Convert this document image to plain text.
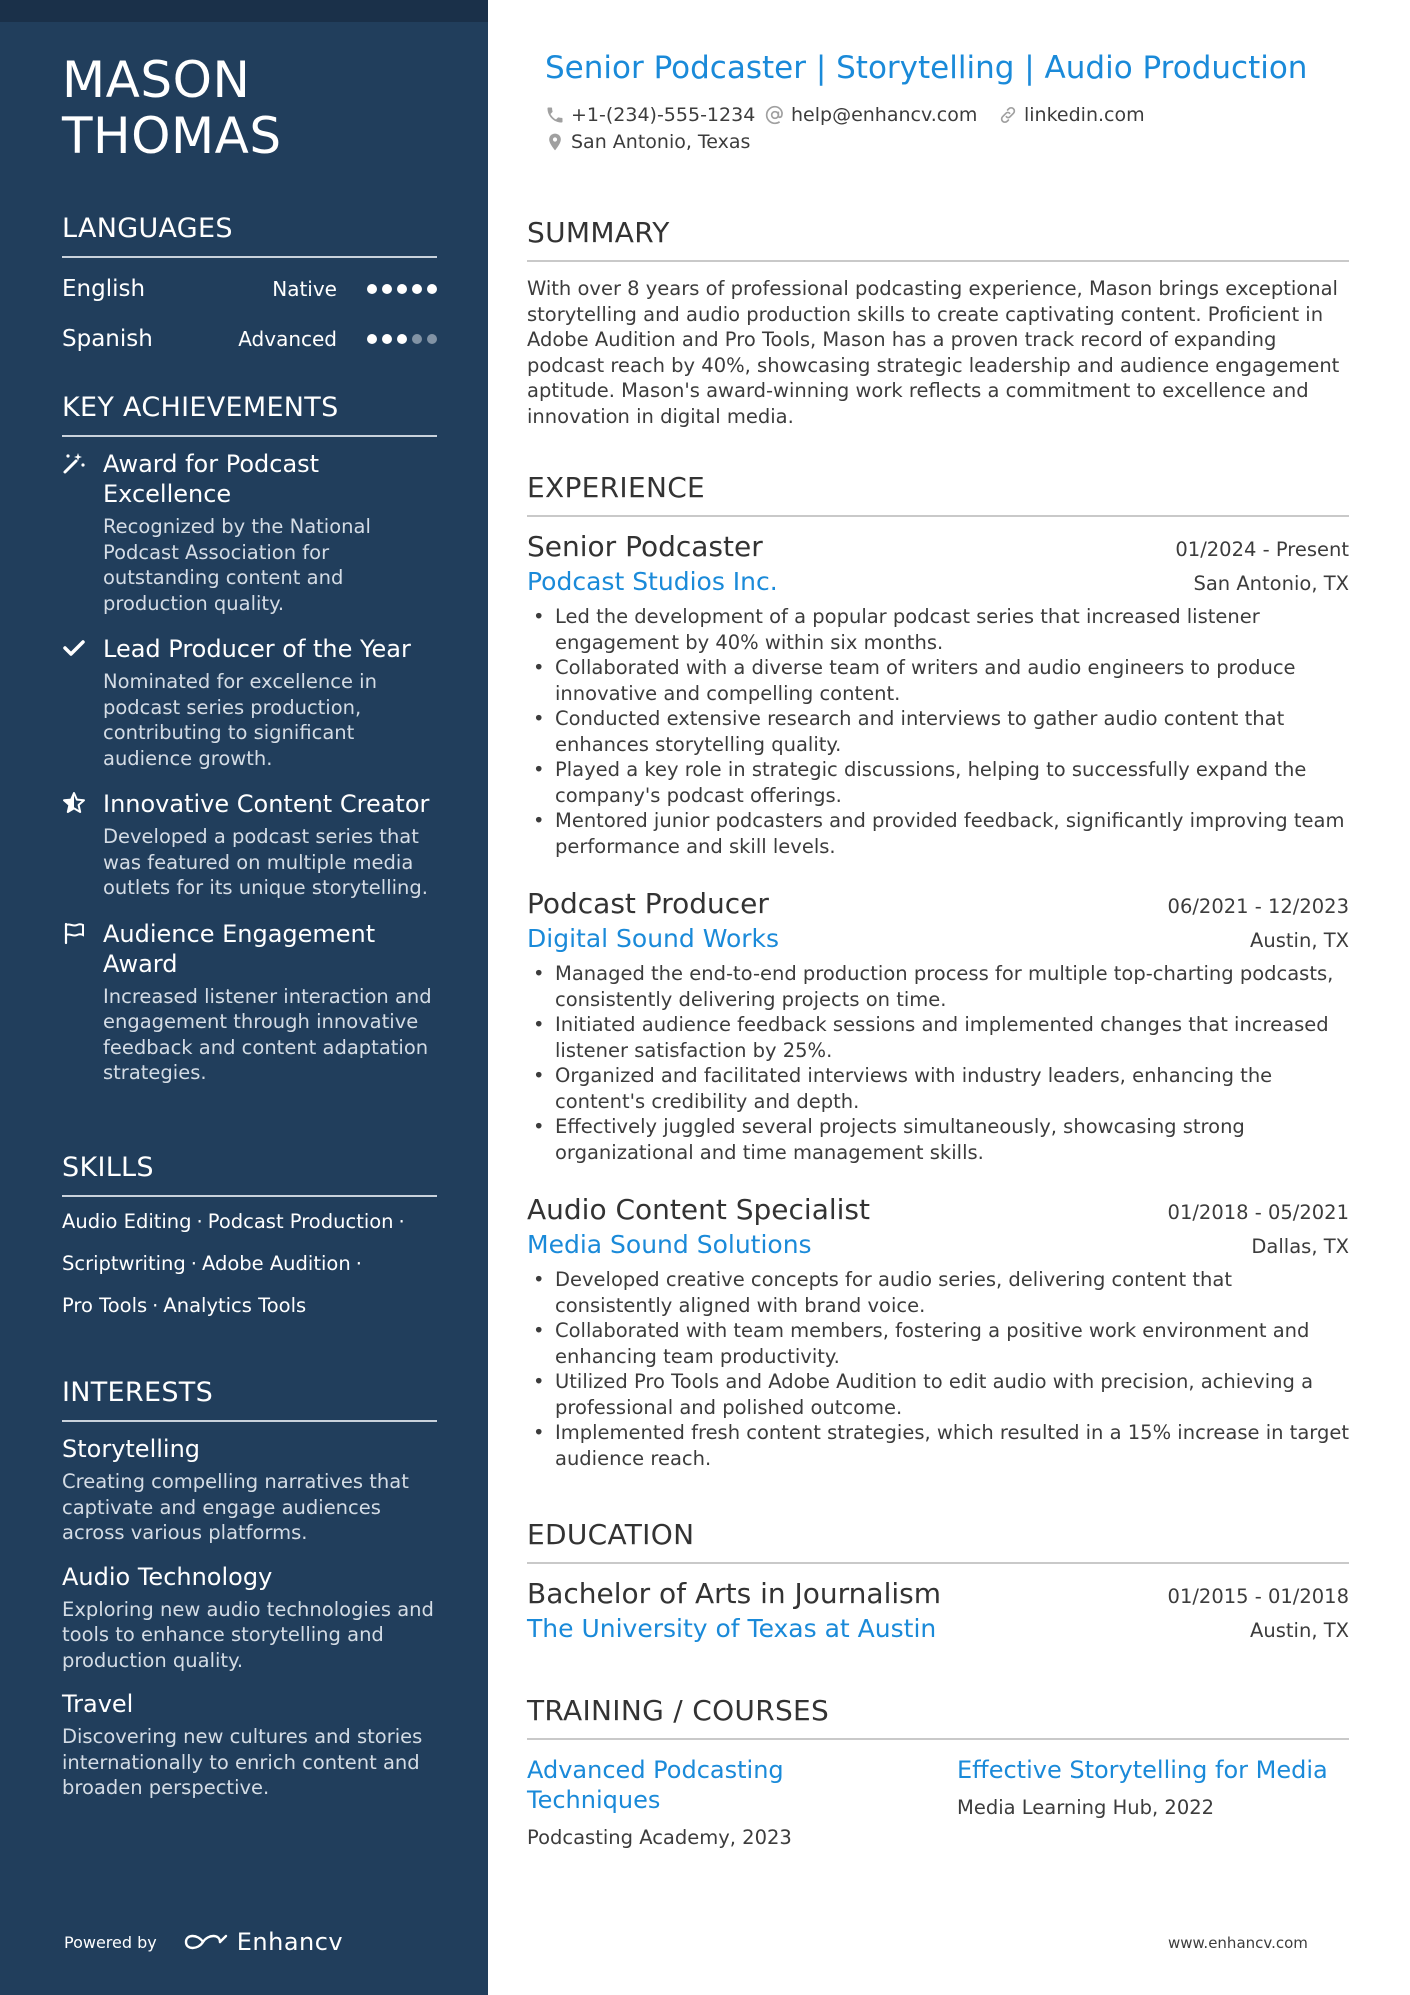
MASON
THOMAS
LANGUAGES
English	Native
Spanish	Advanced
KEY ACHIEVEMENTS
Award for Podcast Excellence
Recognized by the National Podcast Association for outstanding content and production quality.
Lead Producer of the Year
Nominated for excellence in podcast series production, contributing to significant audience growth.
Innovative Content Creator
Developed a podcast series that was featured on multiple media outlets for its unique storytelling.
Audience Engagement Award
Increased listener interaction and engagement through innovative feedback and content adaptation strategies.
SKILLS
Audio Editing · Podcast Production ·
Scriptwriting · Adobe Audition ·
Pro Tools · Analytics Tools
INTERESTS
Storytelling
Creating compelling narratives that captivate and engage audiences across various platforms.
Audio Technology
Exploring new audio technologies and tools to enhance storytelling and production quality.
Travel
Discovering new cultures and stories internationally to enrich content and broaden perspective.
Powered by	Enhancv
Senior Podcaster | Storytelling | Audio Production
+1-(234)-555-1234 help@enhancv.com linkedin.com
San Antonio, Texas
SUMMARY
With over 8 years of professional podcasting experience, Mason brings exceptional storytelling and audio production skills to create captivating content. Proficient in Adobe Audition and Pro Tools, Mason has a proven track record of expanding podcast reach by 40%, showcasing strategic leadership and audience engagement aptitude. Mason's award-winning work reflects a commitment to excellence and innovation in digital media.
EXPERIENCE
Senior Podcaster	01/2024 - Present
Podcast Studios Inc.	San Antonio, TX
• Led the development of a popular podcast series that increased listener engagement by 40% within six months.
• Collaborated with a diverse team of writers and audio engineers to produce innovative and compelling content.
• Conducted extensive research and interviews to gather audio content that enhances storytelling quality.
• Played a key role in strategic discussions, helping to successfully expand the company's podcast offerings.
• Mentored junior podcasters and provided feedback, significantly improving team performance and skill levels.
Podcast Producer	06/2021 - 12/2023
Digital Sound Works	Austin, TX
• Managed the end-to-end production process for multiple top-charting podcasts, consistently delivering projects on time.
• Initiated audience feedback sessions and implemented changes that increased listener satisfaction by 25%.
• Organized and facilitated interviews with industry leaders, enhancing the content's credibility and depth.
• Effectively juggled several projects simultaneously, showcasing strong organizational and time management skills.
Audio Content Specialist	01/2018 - 05/2021
Media Sound Solutions	Dallas, TX
• Developed creative concepts for audio series, delivering content that consistently aligned with brand voice.
• Collaborated with team members, fostering a positive work environment and enhancing team productivity.
• Utilized Pro Tools and Adobe Audition to edit audio with precision, achieving a professional and polished outcome.
• Implemented fresh content strategies, which resulted in a 15% increase in target audience reach.
EDUCATION
Bachelor of Arts in Journalism	01/2015 - 01/2018
The University of Texas at Austin	Austin, TX
TRAINING / COURSES
Advanced Podcasting Techniques
Podcasting Academy, 2023
Effective Storytelling for Media
Media Learning Hub, 2022
www.enhancv.com
